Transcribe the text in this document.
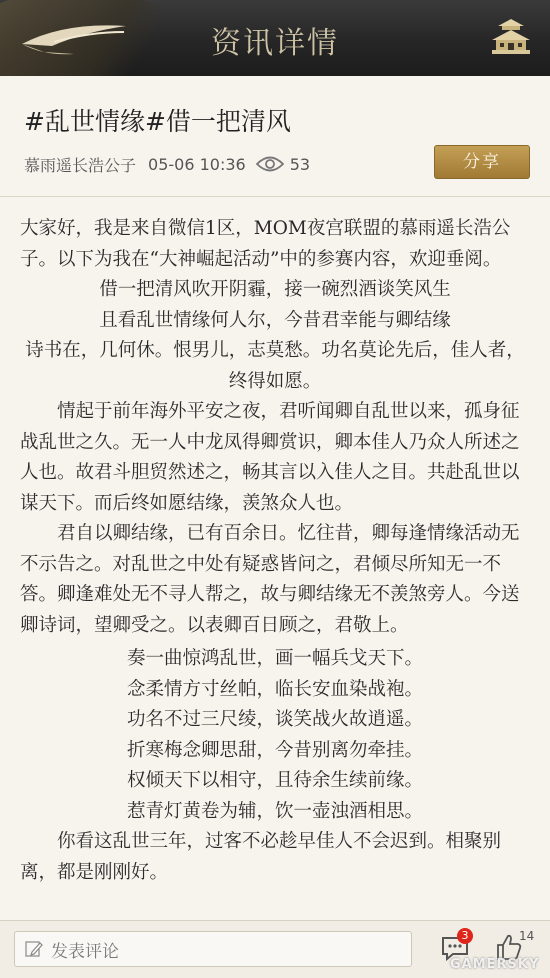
资讯详情
#乱世情缘#借一把清风
慕雨遥长浩公子 05-06 10:36	53	分享

大家好，我是来自微信1区，MOM夜宫联盟的慕雨遥长浩公子。以下为我在“大神崛起活动”中的参赛内容，欢迎垂阅。

借一把清风吹开阴霾，接一碗烈酒谈笑风生

且看乱世情缘何人尔，今昔君幸能与卿结缘

诗书在，几何休。恨男儿，志莫愁。功名莫论先后，佳人者，终得如愿。

情起于前年海外平安之夜，君听闻卿自乱世以来，孤身征战乱世之久。无一人中龙凤得卿赏识，卿本佳人乃众人所述之人也。故君斗胆贸然述之，畅其言以入佳人之目。共赴乱世以谋天下。而后终如愿结缘，羡煞众人也。

君自以卿结缘，已有百余日。忆往昔，卿每逢情缘活动无不示告之。对乱世之中处有疑惑皆问之，君倾尽所知无一不答。卿逢难处无不寻人帮之，故与卿结缘无不羡煞旁人。今送卿诗词，望卿受之。以表卿百日顾之，君敬上。

奏一曲惊鸿乱世，画一幅兵戈天下。

念柔情方寸丝帕，临长安血染战袍。

功名不过三尺绫，谈笑战火故逍遥。

折寒梅念卿思甜，今昔别离勿牵挂。

权倾天下以相守，且待余生续前缘。

惹青灯黄卷为辅，饮一壶浊酒相思。

你看这乱世三年，过客不必趁早佳人不会迟到。相聚别离，都是刚刚好。

发表评论
3	14
GAMERSKY
